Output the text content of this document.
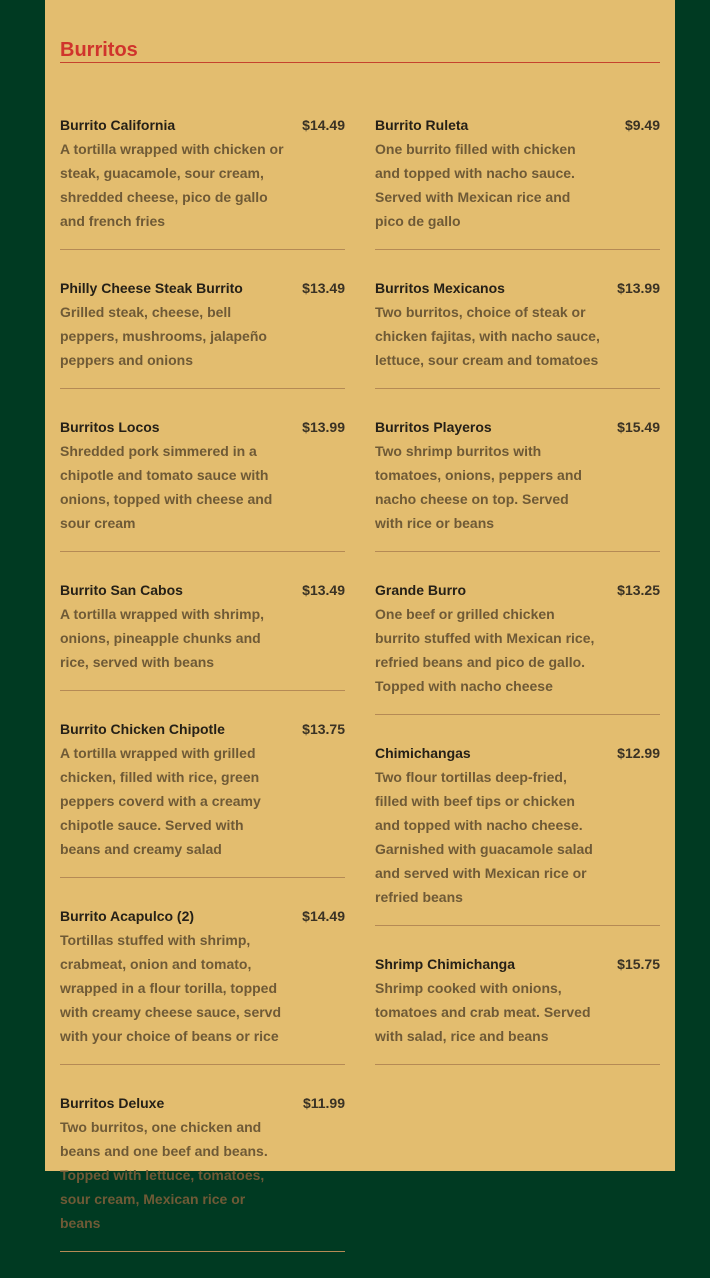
Burritos
Burrito California	$14.49
A tortilla wrapped with chicken or steak, guacamole, sour cream, shredded cheese, pico de gallo and french fries
Philly Cheese Steak Burrito	$13.49
Grilled steak, cheese, bell peppers, mushrooms, jalapeño peppers and onions
Burritos Locos	$13.99
Shredded pork simmered in a chipotle and tomato sauce with onions, topped with cheese and sour cream
Burrito San Cabos	$13.49
A tortilla wrapped with shrimp, onions, pineapple chunks and rice, served with beans
Burrito Chicken Chipotle	$13.75
A tortilla wrapped with grilled chicken, filled with rice, green peppers coverd with a creamy chipotle sauce. Served with beans and creamy salad
Burrito Acapulco (2)	$14.49
Tortillas stuffed with shrimp, crabmeat, onion and tomato, wrapped in a flour torilla, topped with creamy cheese sauce, servd with your choice of beans or rice
Burritos Deluxe	$11.99
Two burritos, one chicken and beans and one beef and beans. Topped with lettuce, tomatoes, sour cream, Mexican rice or beans
Burrito Ruleta	$9.49
One burrito filled with chicken and topped with nacho sauce. Served with Mexican rice and pico de gallo
Burritos Mexicanos	$13.99
Two burritos, choice of steak or chicken fajitas, with nacho sauce, lettuce, sour cream and tomatoes
Burritos Playeros	$15.49
Two shrimp burritos with tomatoes, onions, peppers and nacho cheese on top. Served with rice or beans
Grande Burro	$13.25
One beef or grilled chicken burrito stuffed with Mexican rice, refried beans and pico de gallo. Topped with nacho cheese
Chimichangas	$12.99
Two flour tortillas deep-fried, filled with beef tips or chicken and topped with nacho cheese. Garnished with guacamole salad and served with Mexican rice or refried beans
Shrimp Chimichanga	$15.75
Shrimp cooked with onions, tomatoes and crab meat. Served with salad, rice and beans
